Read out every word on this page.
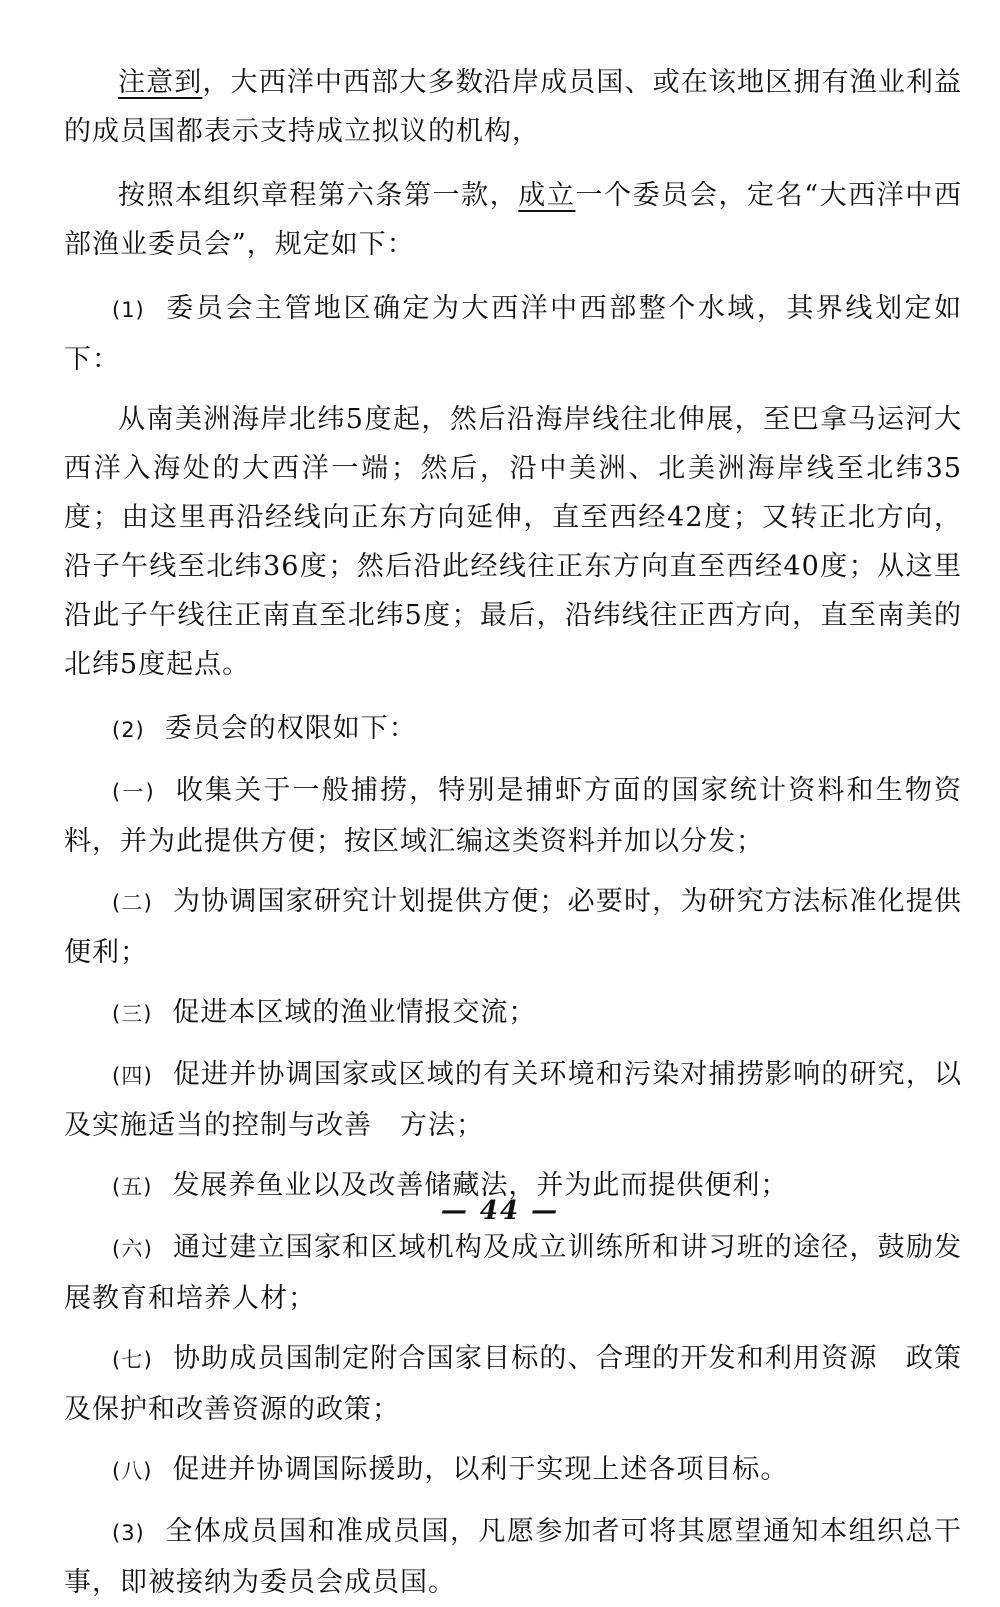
注意到，大西洋中西部大多数沿岸成员国、或在该地区拥有渔业利益的成员国都表示支持成立拟议的机构，

按照本组织章程第六条第一款，成立一个委员会，定名“大西洋中西部渔业委员会”，规定如下：

(1) 委员会主管地区确定为大西洋中西部整个水域，其界线划定如下：

从南美洲海岸北纬5度起，然后沿海岸线往北伸展，至巴拿马运河大西洋入海处的大西洋一端；然后，沿中美洲、北美洲海岸线至北纬35度；由这里再沿经线向正东方向延伸，直至西经42度；又转正北方向，沿子午线至北纬36度；然后沿此经线往正东方向直至西经40度；从这里沿此子午线往正南直至北纬5度；最后，沿纬线往正西方向，直至南美的北纬5度起点。

(2) 委员会的权限如下：

(一) 收集关于一般捕捞，特别是捕虾方面的国家统计资料和生物资料，并为此提供方便；按区域汇编这类资料并加以分发；

(二) 为协调国家研究计划提供方便；必要时，为研究方法标准化提供便利；

(三) 促进本区域的渔业情报交流；

(四) 促进并协调国家或区域的有关环境和污染对捕捞影响的研究，以及实施适当的控制与改善　方法；

(五) 发展养鱼业以及改善储藏法，并为此而提供便利；

(六) 通过建立国家和区域机构及成立训练所和讲习班的途径，鼓励发展教育和培养人材；

(七) 协助成员国制定附合国家目标的、合理的开发和利用资源　政策及保护和改善资源的政策；

(八) 促进并协调国际援助，以利于实现上述各项目标。

(3) 全体成员国和准成员国，凡愿参加者可将其愿望通知本组织总干事，即被接纳为委员会成员国。

— 44 —
